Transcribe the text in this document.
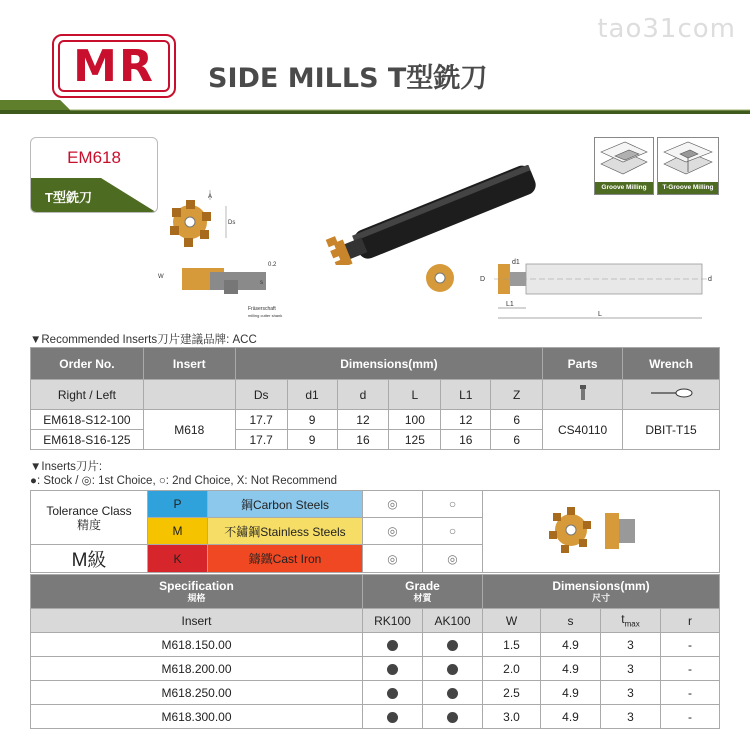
tao31com
MR	SIDE MILLS T型銑刀
EM618
T型銑刀	A
Ds
W
s
0.2
Fräserschaft
milling cutter shank
Groove Milling	T-Groove Milling
D
d1
d
L1
L
▼Recommended Inserts刀片建議品牌: ACC
Order No.	Insert	Dimensions(mm)						Parts	Wrench
Right / Left		Ds	d1	d	L	L1	Z		
EM618-S12-100	M618	17.7	9	12	100	12	6	CS40110	DBIT-T15
EM618-S16-125		17.7	9	16	125	16	6		
▼Inserts刀片:
●: Stock / ◎: 1st Choice, ○: 2nd Choice, X: Not Recommend
Tolerance Class
精度	P	鋼Carbon Steels	◎	○	
	M	不鏽鋼Stainless Steels	◎	○	
M級	K	鑄鐵Cast Iron	◎	◎	
Specification
規格	Grade
材質		Dimensions(mm)
尺寸			

Insert	RK100	AK100	W	s	$t_{max}$	r
M618.150.00			1.5	4.9	3	-
M618.200.00			2.0	4.9	3	-
M618.250.00			2.5	4.9	3	-
M618.300.00			3.0	4.9	3	-
